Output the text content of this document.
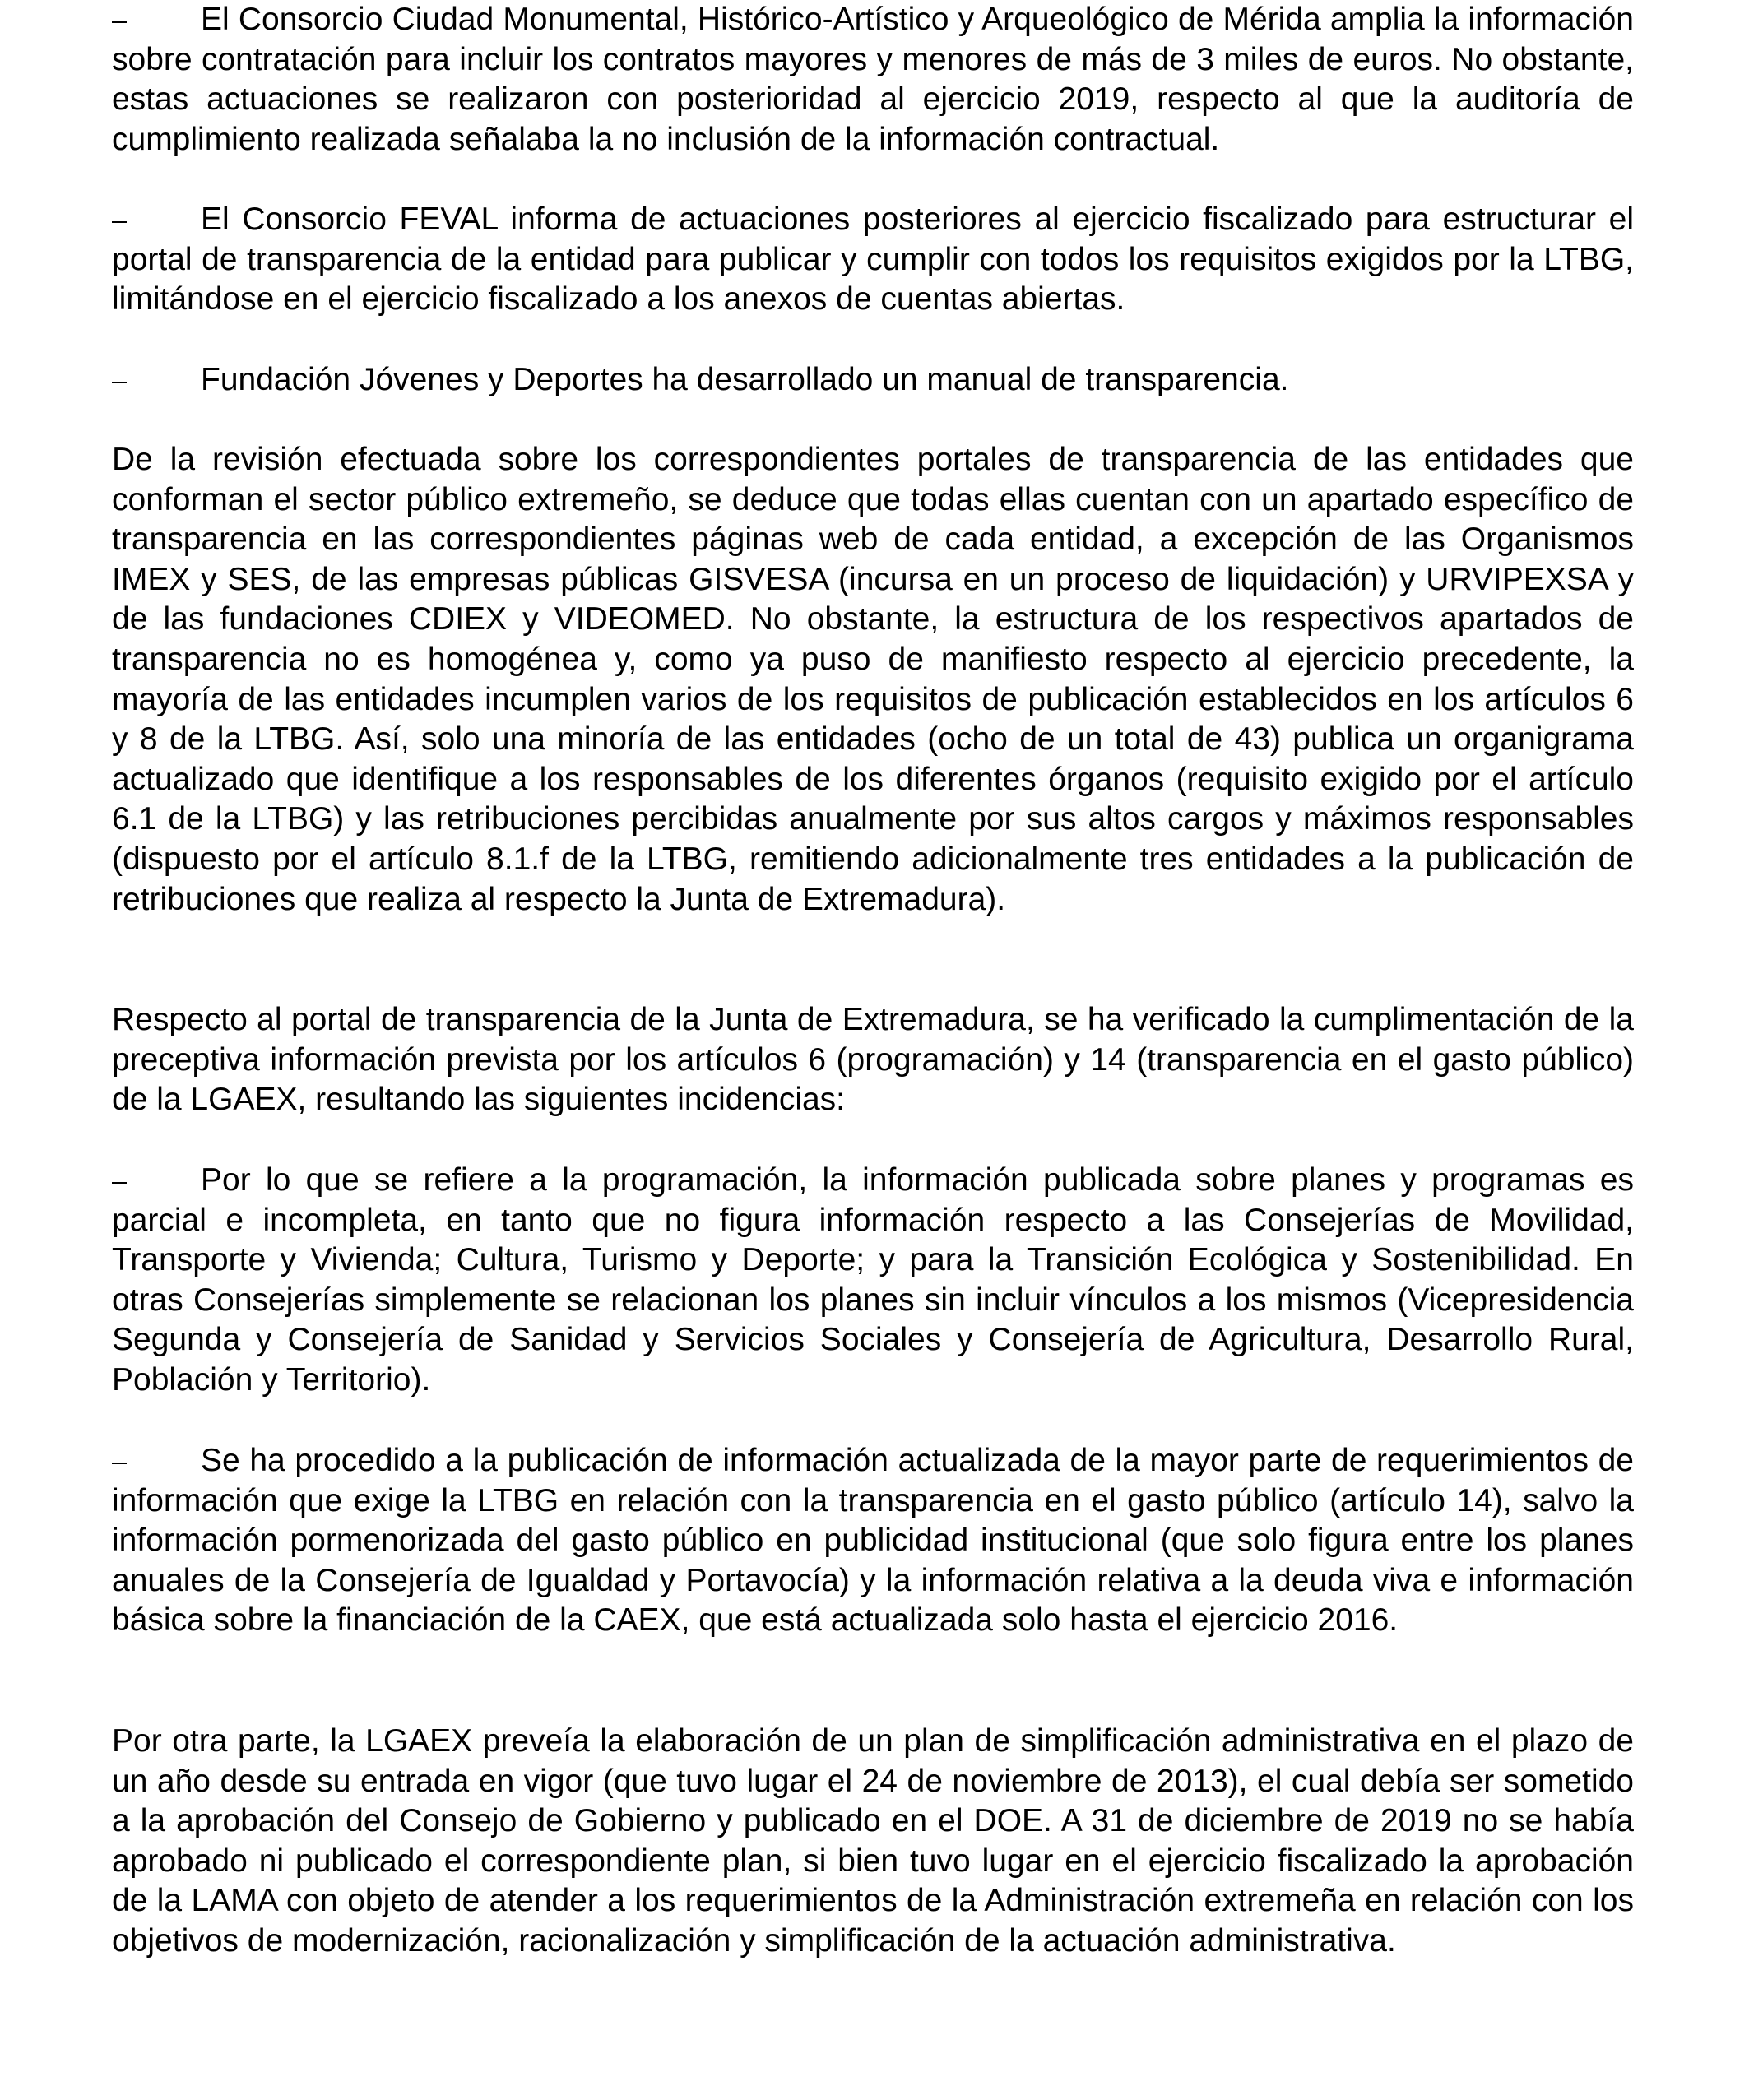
El Consorcio Ciudad Monumental, Histórico-Artístico y Arqueológico de Mérida amplia la información sobre contratación para incluir los contratos mayores y menores de más de 3 miles de euros. No obstante, estas actuaciones se realizaron con posterioridad al ejercicio 2019, respecto al que la auditoría de cumplimiento realizada señalaba la no inclusión de la información contractual.

El Consorcio FEVAL informa de actuaciones posteriores al ejercicio fiscalizado para estructurar el portal de transparencia de la entidad para publicar y cumplir con todos los requisitos exigidos por la LTBG, limitándose en el ejercicio fiscalizado a los anexos de cuentas abiertas.

Fundación Jóvenes y Deportes ha desarrollado un manual de transparencia.

De la revisión efectuada sobre los correspondientes portales de transparencia de las entidades que conforman el sector público extremeño, se deduce que todas ellas cuentan con un apartado específico de transparencia en las correspondientes páginas web de cada entidad, a excepción de las Organismos IMEX y SES, de las empresas públicas GISVESA (incursa en un proceso de liquidación) y URVIPEXSA y de las fundaciones CDIEX y VIDEOMED. No obstante, la estructura de los respectivos apartados de transparencia no es homogénea y, como ya puso de manifiesto respecto al ejercicio precedente, la mayoría de las entidades incumplen varios de los requisitos de publicación establecidos en los artículos 6 y 8 de la LTBG. Así, solo una minoría de las entidades (ocho de un total de 43) publica un organigrama actualizado que identifique a los responsables de los diferentes órganos (requisito exigido por el artículo 6.1 de la LTBG) y las retribuciones percibidas anualmente por sus altos cargos y máximos responsables (dispuesto por el artículo 8.1.f de la LTBG, remitiendo adicionalmente tres entidades a la publicación de retribuciones que realiza al respecto la Junta de Extremadura).

Respecto al portal de transparencia de la Junta de Extremadura, se ha verificado la cumplimentación de la preceptiva información prevista por los artículos 6 (programación) y 14 (transparencia en el gasto público) de la LGAEX, resultando las siguientes incidencias:

Por lo que se refiere a la programación, la información publicada sobre planes y programas es parcial e incompleta, en tanto que no figura información respecto a las Consejerías de Movilidad, Transporte y Vivienda; Cultura, Turismo y Deporte; y para la Transición Ecológica y Sostenibilidad. En otras Consejerías simplemente se relacionan los planes sin incluir vínculos a los mismos (Vicepresidencia Segunda y Consejería de Sanidad y Servicios Sociales y Consejería de Agricultura, Desarrollo Rural, Población y Territorio).

Se ha procedido a la publicación de información actualizada de la mayor parte de requerimientos de información que exige la LTBG en relación con la transparencia en el gasto público (artículo 14), salvo la información pormenorizada del gasto público en publicidad institucional (que solo figura entre los planes anuales de la Consejería de Igualdad y Portavocía) y la información relativa a la deuda viva e información básica sobre la financiación de la CAEX, que está actualizada solo hasta el ejercicio 2016.

Por otra parte, la LGAEX preveía la elaboración de un plan de simplificación administrativa en el plazo de un año desde su entrada en vigor (que tuvo lugar el 24 de noviembre de 2013), el cual debía ser sometido a la aprobación del Consejo de Gobierno y publicado en el DOE. A 31 de diciembre de 2019 no se había aprobado ni publicado el correspondiente plan, si bien tuvo lugar en el ejercicio fiscalizado la aprobación de la LAMA con objeto de atender a los requerimientos de la Administración extremeña en relación con los objetivos de modernización, racionalización y simplificación de la actuación administrativa.
